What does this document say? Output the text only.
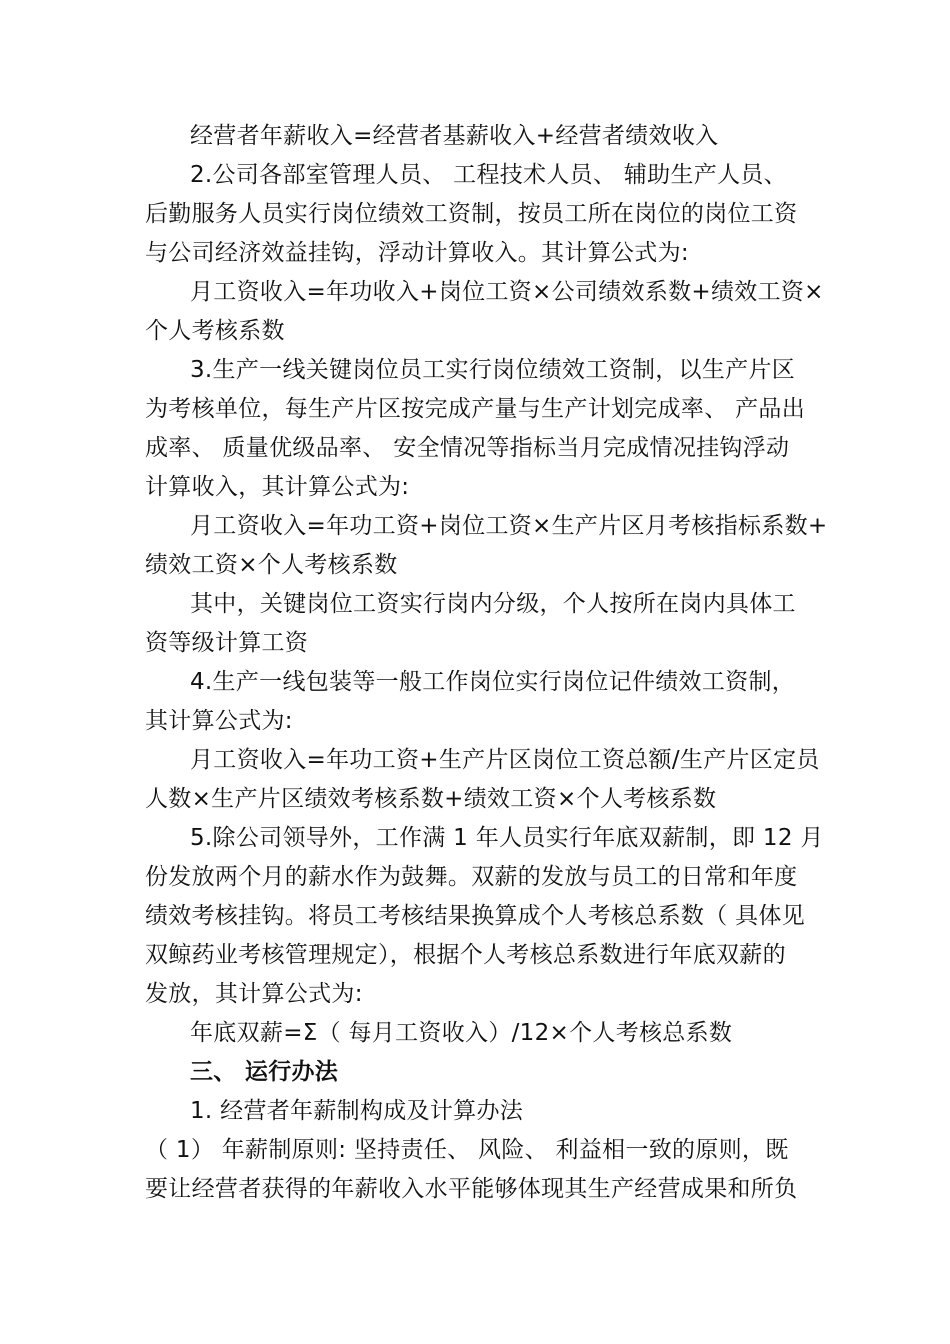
经营者年薪收入=经营者基薪收入+经营者绩效收入
2.公司各部室管理人员、 工程技术人员、 辅助生产人员、
后勤服务人员实行岗位绩效工资制，按员工所在岗位的岗位工资
与公司经济效益挂钩，浮动计算收入。其计算公式为:
月工资收入=年功收入+岗位工资×公司绩效系数+绩效工资×
个人考核系数
3.生产一线关键岗位员工实行岗位绩效工资制，以生产片区
为考核单位，每生产片区按完成产量与生产计划完成率、 产品出
成率、 质量优级品率、 安全情况等指标当月完成情况挂钩浮动
计算收入，其计算公式为:
月工资收入=年功工资+岗位工资×生产片区月考核指标系数+
绩效工资×个人考核系数
其中，关键岗位工资实行岗内分级，个人按所在岗内具体工
资等级计算工资
4.生产一线包装等一般工作岗位实行岗位记件绩效工资制，
其计算公式为:
月工资收入=年功工资+生产片区岗位工资总额/生产片区定员
人数×生产片区绩效考核系数+绩效工资×个人考核系数
5.除公司领导外，工作满 1 年人员实行年底双薪制，即 12 月
份发放两个月的薪水作为鼓舞。双薪的发放与员工的日常和年度
绩效考核挂钩。将员工考核结果换算成个人考核总系数（ 具体见
双鲸药业考核管理规定），根据个人考核总系数进行年底双薪的
发放，其计算公式为:
年底双薪=Σ（ 每月工资收入）/12×个人考核总系数
三、 运行办法
1. 经营者年薪制构成及计算办法
（ 1） 年薪制原则: 坚持责任、 风险、 利益相一致的原则，既
要让经营者获得的年薪收入水平能够体现其生产经营成果和所负
